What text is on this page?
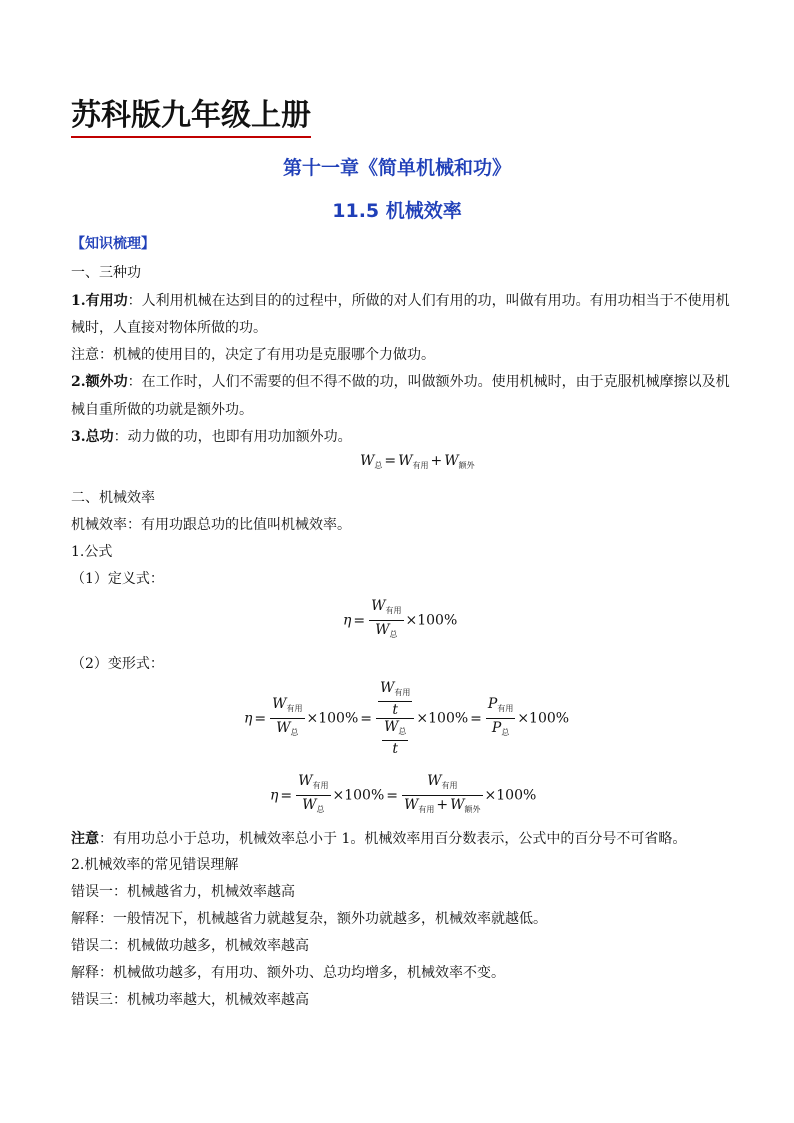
苏科版九年级上册
第十一章《简单机械和功》
11.5 机械效率
【知识梳理】
一、三种功
1.有用功：人利用机械在达到目的的过程中，所做的对人们有用的功，叫做有用功。有用功相当于不使用机
械时，人直接对物体所做的功。
注意：机械的使用目的，决定了有用功是克服哪个力做功。
2.额外功：在工作时，人们不需要的但不得不做的功，叫做额外功。使用机械时，由于克服机械摩擦以及机
械自重所做的功就是额外功。
3.总功：动力做的功，也即有用功加额外功。
$W_总 = W_{有用} + W_{额外}$
二、机械效率
机械效率：有用功跟总功的比值叫机械效率。
1.公式
（1）定义式：
$\eta = \frac{W_{有用}}{W_总} \times 100\%$
（2）变形式：
$\eta = \frac{W_{有用}}{W_总} \times 100\% = \frac{\frac{W_{有用}}{t}}{\frac{W_总}{t}} \times 100\% = \frac{P_{有用}}{P_总} \times 100\%$
$\eta = \frac{W_{有用}}{W_总} \times 100\% = \frac{W_{有用}}{W_{有用} + W_{额外}} \times 100\%$
注意：有用功总小于总功，机械效率总小于 1。机械效率用百分数表示，公式中的百分号不可省略。
2.机械效率的常见错误理解
错误一：机械越省力，机械效率越高
解释：一般情况下，机械越省力就越复杂，额外功就越多，机械效率就越低。
错误二：机械做功越多，机械效率越高
解释：机械做功越多，有用功、额外功、总功均增多，机械效率不变。
错误三：机械功率越大，机械效率越高
